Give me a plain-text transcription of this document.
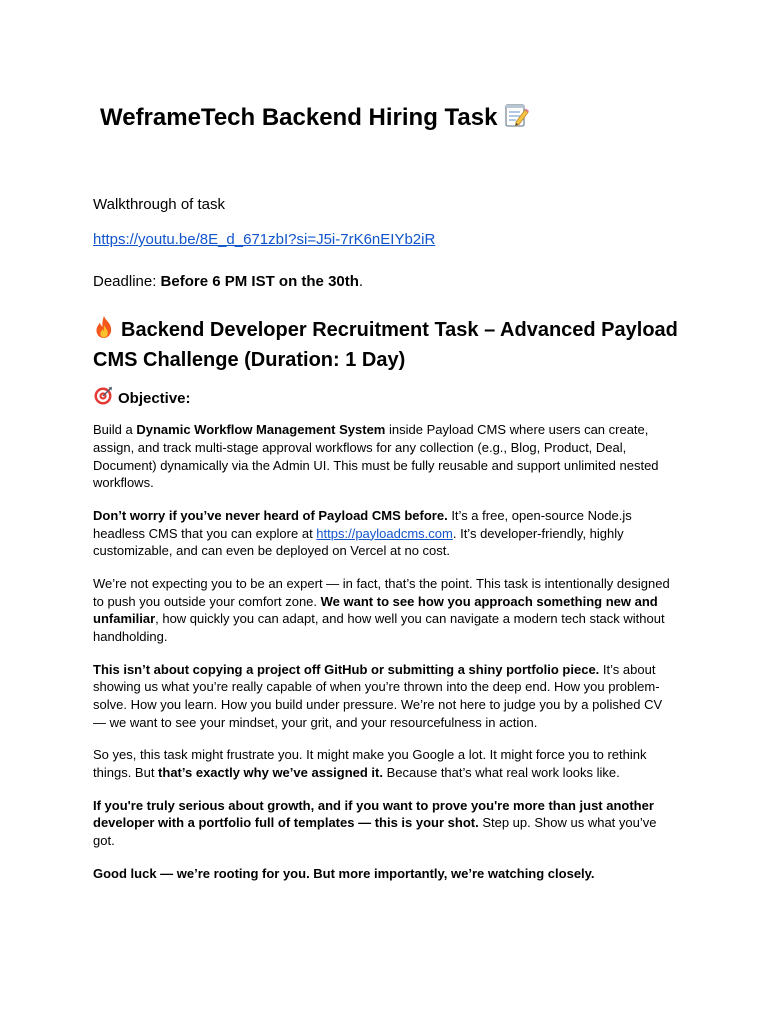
WeframeTech Backend Hiring Task

Walkthrough of task

https://youtu.be/8E_d_671zbI?si=J5i-7rK6nEIYb2iR

Deadline: Before 6 PM IST on the 30th.

Backend Developer Recruitment Task – Advanced Payload CMS Challenge (Duration: 1 Day)

Objective:

Build a Dynamic Workflow Management System inside Payload CMS where users can create, assign, and track multi-stage approval workflows for any collection (e.g., Blog, Product, Deal, Document) dynamically via the Admin UI. This must be fully reusable and support unlimited nested workflows.

Don’t worry if you’ve never heard of Payload CMS before. It’s a free, open-source Node.js headless CMS that you can explore at https://payloadcms.com. It’s developer-friendly, highly customizable, and can even be deployed on Vercel at no cost.

We’re not expecting you to be an expert — in fact, that’s the point. This task is intentionally designed to push you outside your comfort zone. We want to see how you approach something new and unfamiliar, how quickly you can adapt, and how well you can navigate a modern tech stack without handholding.

This isn’t about copying a project off GitHub or submitting a shiny portfolio piece. It’s about showing us what you’re really capable of when you’re thrown into the deep end. How you problem-solve. How you learn. How you build under pressure. We’re not here to judge you by a polished CV — we want to see your mindset, your grit, and your resourcefulness in action.

So yes, this task might frustrate you. It might make you Google a lot. It might force you to rethink things. But that’s exactly why we’ve assigned it. Because that’s what real work looks like.

If you're truly serious about growth, and if you want to prove you're more than just another developer with a portfolio full of templates — this is your shot. Step up. Show us what you’ve got.

Good luck — we’re rooting for you. But more importantly, we’re watching closely.
